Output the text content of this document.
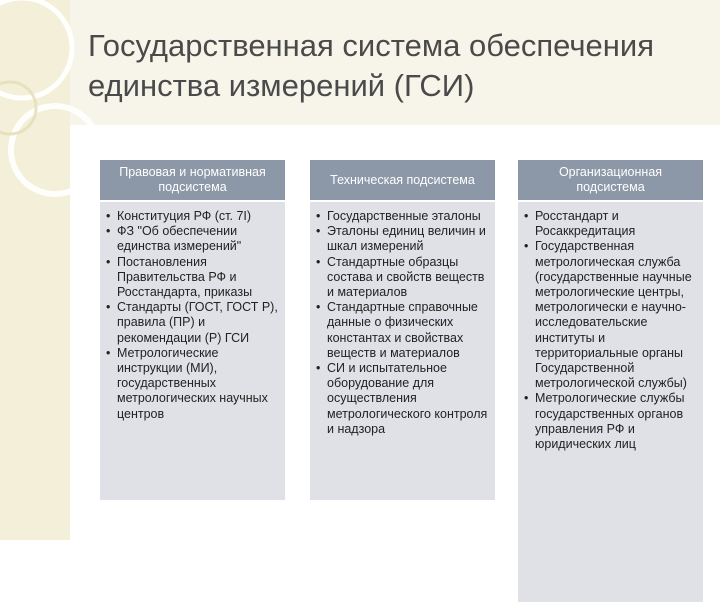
Государственная система обеспечения единства измерений (ГСИ)
Правовая и нормативная подсистема
• Конституция РФ (ст. 7I)
• ФЗ "Об обеспечении единства измерений"
• Постановления Правительства РФ и Росстандарта, приказы
• Стандарты (ГОСТ, ГОСТ Р), правила (ПР) и рекомендации (Р) ГСИ
• Метрологические инструкции (МИ), государственных метрологических научных центров
Техническая подсистема
• Государственные эталоны
• Эталоны единиц величин и шкал измерений
• Стандартные образцы состава и свойств веществ и материалов
• Стандартные справочные данные о физических константах и свойствах веществ и материалов
• СИ и испытательное оборудование для осуществления метрологического контроля и надзора
Организационная подсистема
• Росстандарт и Росаккредитация
• Государственная метрологическая служба (государственные научные метрологические центры, метрологически е научно-исследовательские институты и территориальные органы Государственной метрологической службы)
• Метрологические службы государственных органов управления РФ и юридических лиц
